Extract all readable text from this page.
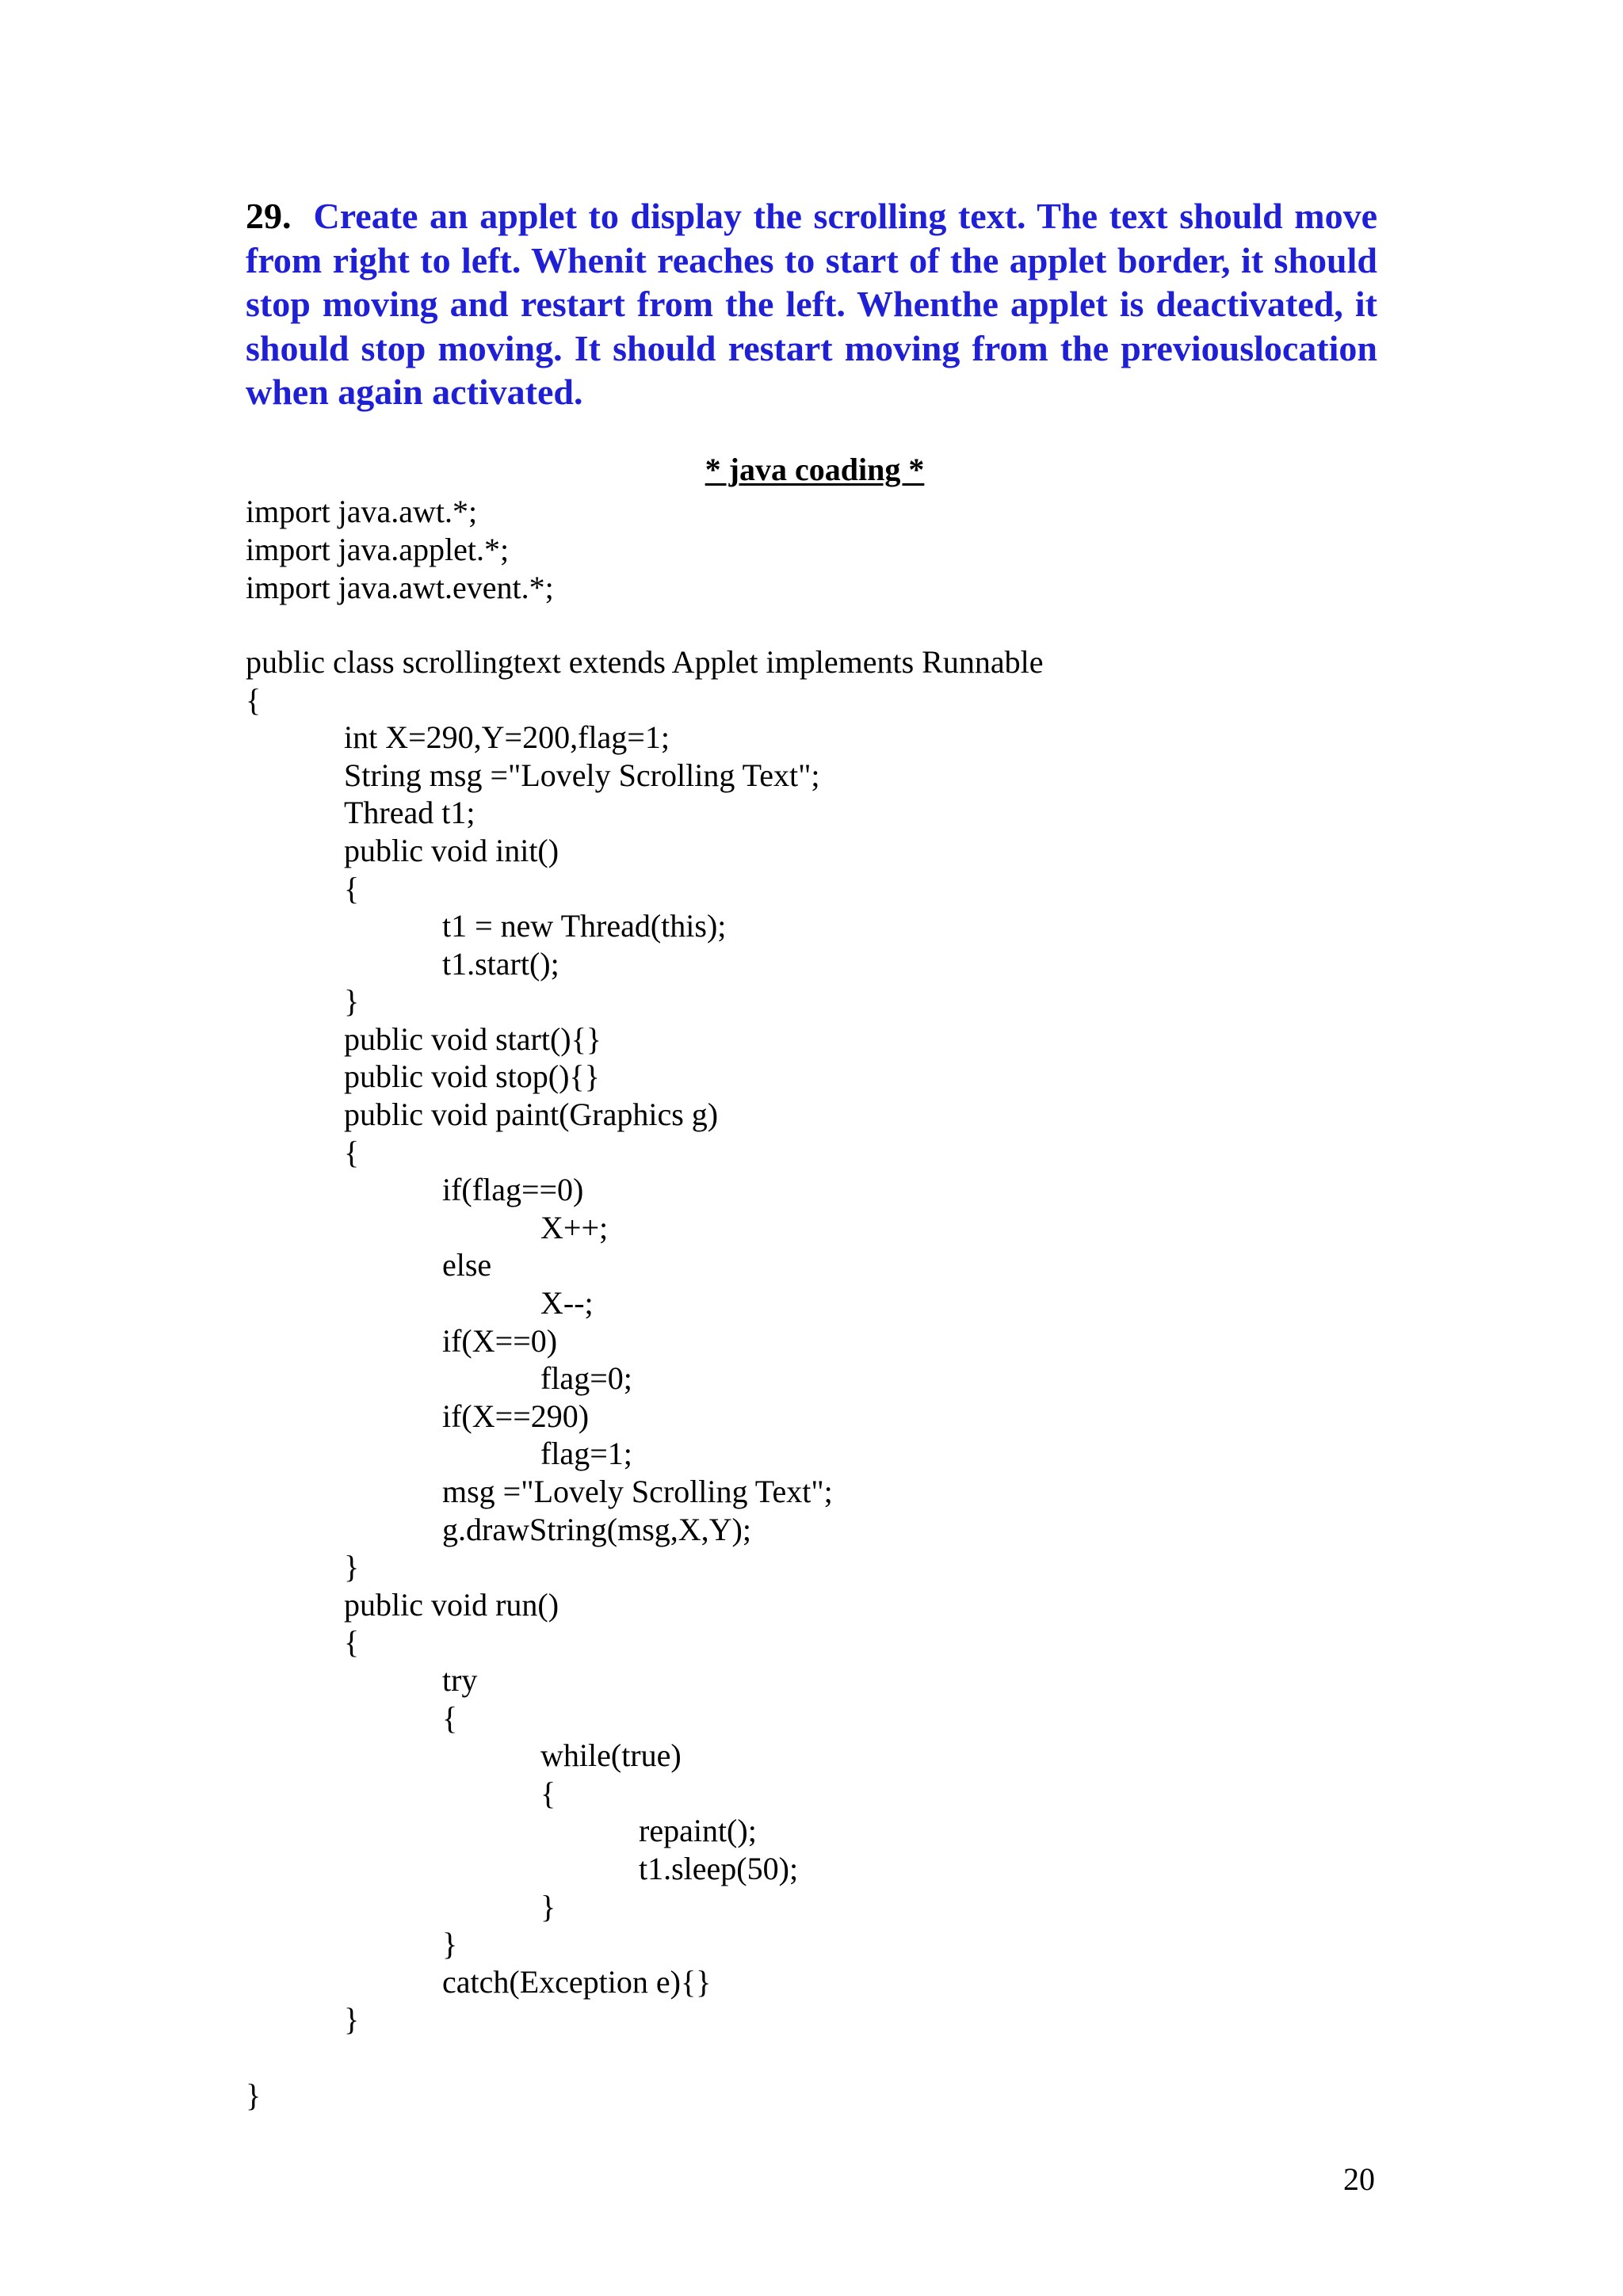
29. Create an applet to display the scrolling text. The text should move from right to left. Whenit reaches to start of the applet border, it should stop moving and restart from the left. Whenthe applet is deactivated, it should stop moving. It should restart moving from the previouslocation when again activated.

* java coading *
import java.awt.*;
import java.applet.*;
import java.awt.event.*;
public class scrollingtext extends Applet implements Runnable
{
int X=290,Y=200,flag=1;
String msg ="Lovely Scrolling Text";
Thread t1;
public void init()
{
t1 = new Thread(this);
t1.start();
}
public void start(){}
public void stop(){}
public void paint(Graphics g)
{
if(flag==0)
X++;
else
X--;
if(X==0)
flag=0;
if(X==290)
flag=1;
msg ="Lovely Scrolling Text";
g.drawString(msg,X,Y);
}
public void run()
{
try
{
while(true)
{
repaint();
t1.sleep(50);
}
}
catch(Exception e){}
}
}
20
